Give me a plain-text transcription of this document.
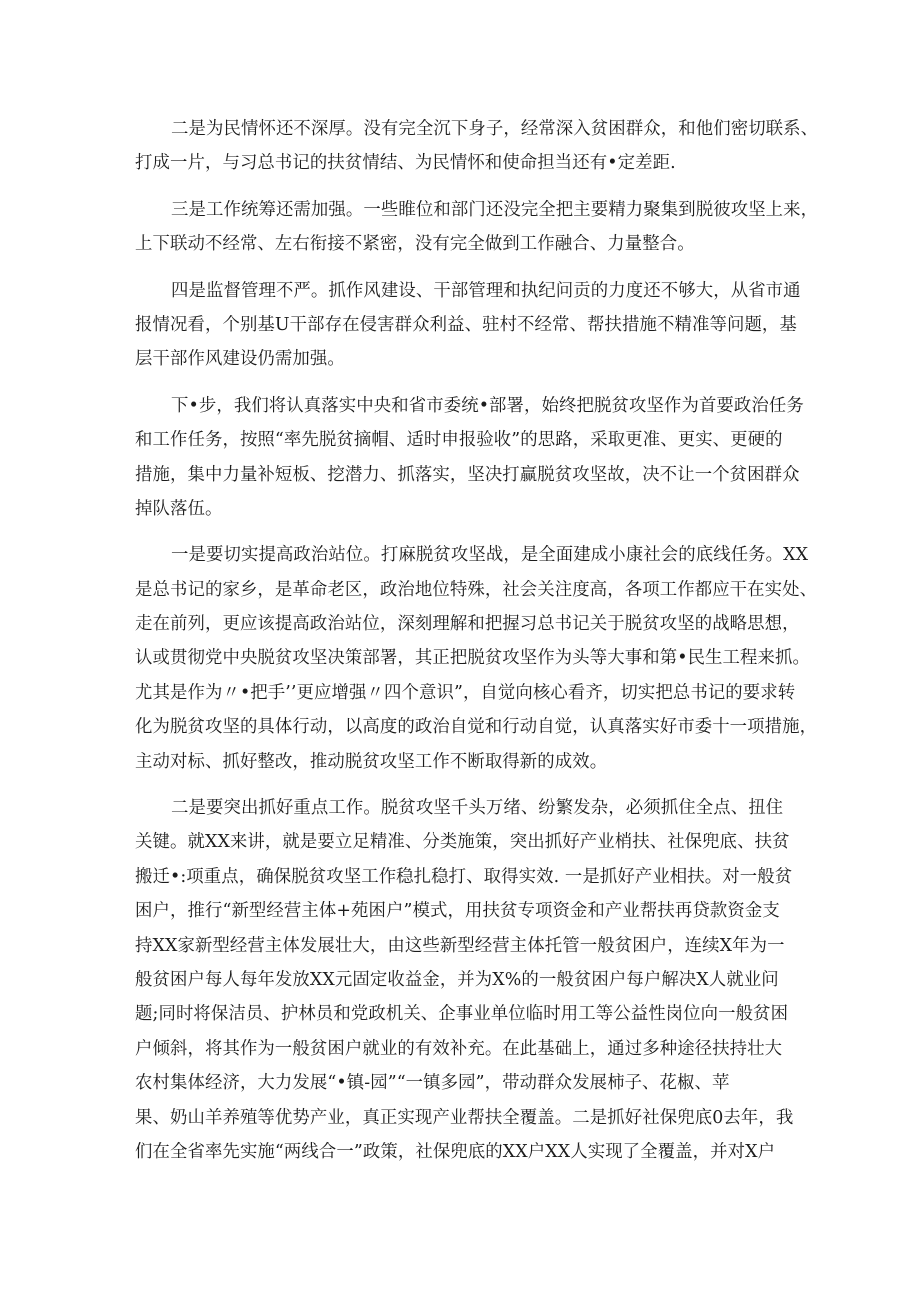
二是为民情怀还不深厚。没有完全沉下身子，经常深入贫困群众，和他们密切联系、
打成一片，与习总书记的扶贫情结、为民情怀和使命担当还有•定差距.
三是工作统筹还需加强。一些睢位和部门还没完全把主要精力聚集到脱彼攻坚上来，
上下联动不经常、左右衔接不紧密，没有完全做到工作融合、力量整合。
四是监督管理不严。抓作风建设、干部管理和执纪问贡的力度还不够大，从省市通
报情况看，个别基U干部存在侵害群众利益、驻村不经常、帮扶措施不精准等问题，基
层干部作风建设仍需加强。
下•步，我们将认真落实中央和省市委统•部署，始终把脱贫攻坚作为首要政治任务
和工作任务，按照“率先脱贫摘帽、适时申报验收”的思路，采取更准、更实、更硬的
措施，集中力量补短板、挖潜力、抓落实，坚决打赢脱贫攻坚故，决不让一个贫困群众
掉队落伍。
一是要切实提高政治站位。打麻脱贫攻坚战，是全面建成小康社会的底线任务。XX
是总书记的家乡，是革命老区，政治地位特殊，社会关注度高，各项工作都应干在实处、
走在前列，更应该提高政治站位，深刻理解和把握习总书记关于脱贫攻坚的战略思想，
认或贯彻党中央脱贫攻坚决策部署，其正把脱贫攻坚作为头等大事和第•民生工程来抓。
尤其是作为〃•把手’’更应增强〃四个意识”，自觉向核心看齐，切实把总书记的要求转
化为脱贫攻坚的具体行动，以高度的政治自觉和行动自觉，认真落实好市委十一项措施，
主动对标、抓好整改，推动脱贫攻坚工作不断取得新的成效。
二是要突出抓好重点工作。脱贫攻坚千头万绪、纷繁发杂，必须抓住全点、扭住
关键。就XX来讲，就是要立足精准、分类施策，突出抓好产业梢扶、社保兜底、扶贫
搬迁•:项重点，确保脱贫攻坚工作稳扎稳打、取得实效. 一是抓好产业相扶。对一般贫
困户，推行“新型经营主体+苑困户”模式，用扶贫专项资金和产业帮扶再贷款资金支
持XX家新型经营主体发展壮大，由这些新型经营主体托管一般贫困户，连续X年为一
般贫困户每人每年发放XX元固定收益金，并为X%的一般贫困户每户解决X人就业问
题;同时将保洁员、护林员和党政机关、企事业单位临时用工等公益性岗位向一般贫困
户倾斜，将其作为一般贫困户就业的有效补充。在此基础上，通过多种途径扶持壮大
农村集体经济，大力发展“•镇-园”“一镇多园”，带动群众发展柿子、花椒、苹
果、奶山羊养殖等优势产业，真正实现产业帮扶全覆盖。二是抓好社保兜底0去年，我
们在全省率先实施“两线合一”政策，社保兜底的XX户XX人实现了全覆盖，并对X户
